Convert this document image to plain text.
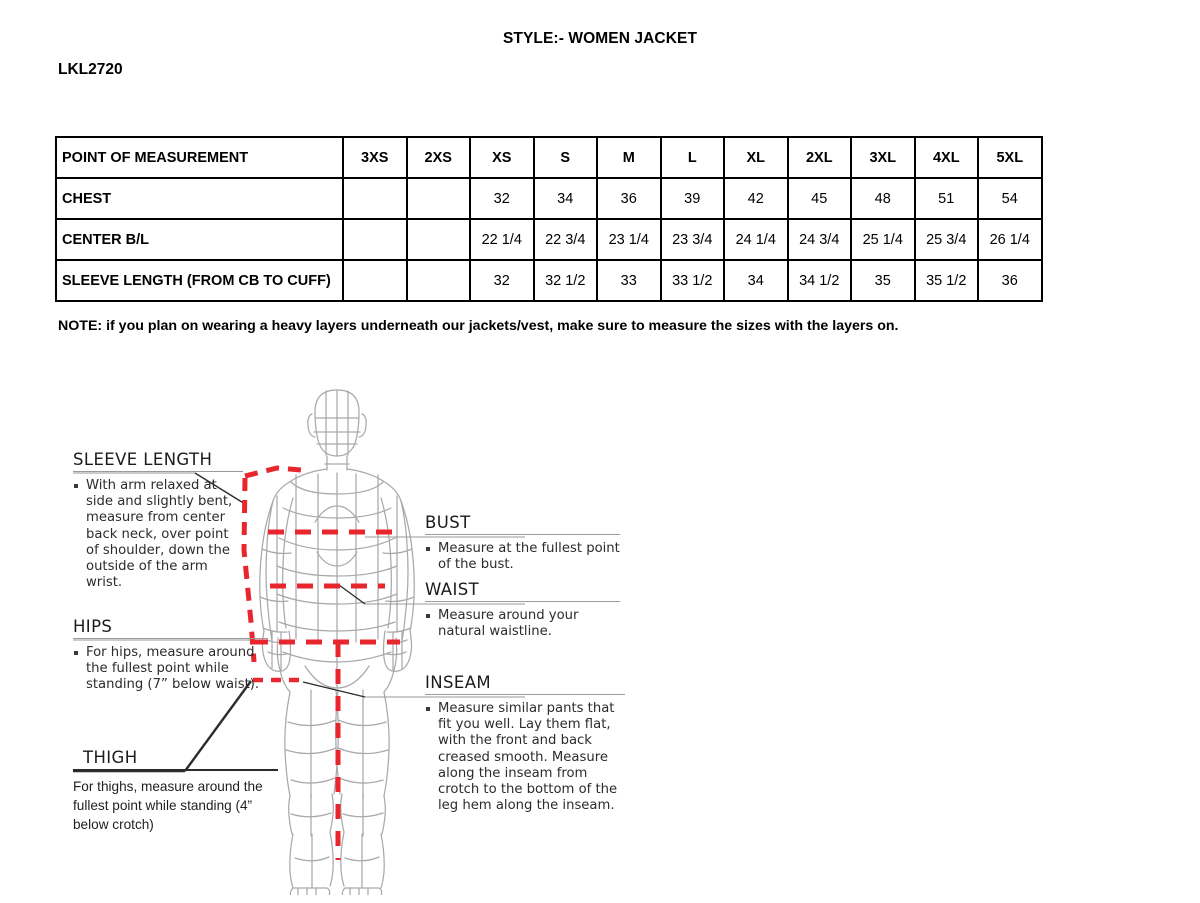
STYLE:- WOMEN JACKET
LKL2720
POINT OF MEASUREMENT	3XS	2XS	XS	S	M	L	XL	2XL	3XL	4XL	5XL
CHEST			32	34	36	39	42	45	48	51	54
CENTER B/L			22 1/4	22 3/4	23 1/4	23 3/4	24 1/4	24 3/4	25 1/4	25 3/4	26 1/4
SLEEVE LENGTH (FROM CB TO CUFF)			32	32 1/2	33	33 1/2	34	34 1/2	35	35 1/2	36
NOTE: if you plan on wearing a heavy layers underneath our jackets/vest, make sure to measure the sizes with the layers on.
SLEEVE LENGTH
With arm relaxed at side and slightly bent, measure from center back neck, over point of shoulder, down the outside of the arm wrist.
HIPS
For hips, measure around the fullest point while standing (7” below waist).
THIGH
For thighs, measure around the fullest point while standing (4” below crotch)
BUST
Measure at the fullest point of the bust.
WAIST
Measure around your natural waistline.
INSEAM
Measure similar pants that fit you well. Lay them flat, with the front and back creased smooth. Measure along the inseam from crotch to the bottom of the leg hem along the inseam.
